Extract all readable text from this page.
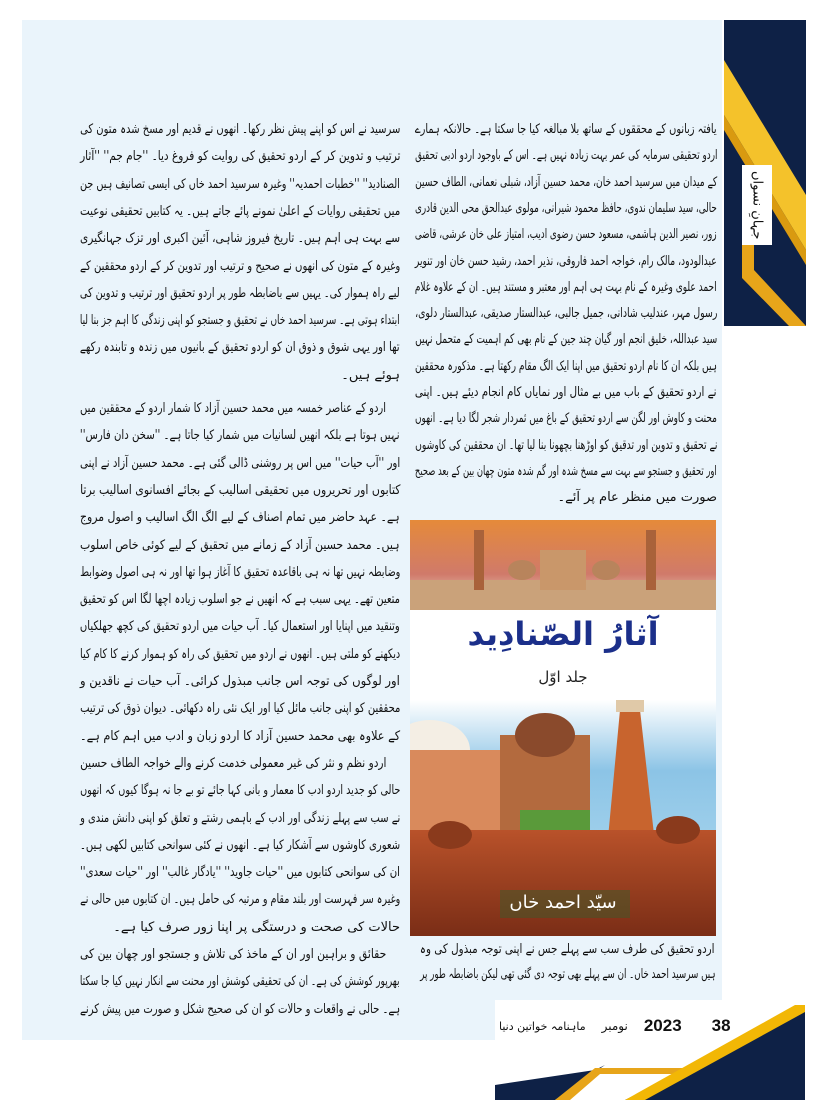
جہانِ نسواں
سرسید نے اس کو اپنے پیش نظر رکھا۔ انھوں نے قدیم اور مسخ شدہ متون کی
ترتیب و تدوین کر کے اردو تحقیق کی روایت کو فروغ دیا۔ ''جام جم'' ''آثار
الصنادید'' ''خطبات احمدیہ'' وغیرہ سرسید احمد خاں کی ایسی تصانیف ہیں جن
میں تحقیقی روایات کے اعلیٰ نمونے پائے جاتے ہیں۔ یہ کتابیں تحقیقی نوعیت
سے بہت ہی اہم ہیں۔ تاریخ فیروز شاہی، آئین اکبری اور تزک جہانگیری
وغیرہ کے متون کی انھوں نے صحیح و ترتیب اور تدوین کر کے اردو محققین کے
لیے راہ ہموار کی۔ یہیں سے باضابطہ طور پر اردو تحقیق اور ترتیب و تدوین کی
ابتداء ہوتی ہے۔ سرسید احمد خاں نے تحقیق و جستجو کو اپنی زندگی کا اہم جز بنا لیا
تھا اور یہی شوق و ذوق ان کو اردو تحقیق کے بانیوں میں زندہ و تابندہ رکھے
ہوئے ہیں۔
اردو کے عناصر خمسہ میں محمد حسین آزاد کا شمار اردو کے محققین میں
نہیں ہوتا ہے بلکہ انھیں لسانیات میں شمار کیا جاتا ہے۔ ''سخن دان فارس''
اور ''آب حیات'' میں اس پر روشنی ڈالی گئی ہے۔ محمد حسین آزاد نے اپنی
کتابوں اور تحریروں میں تحقیقی اسالیب کے بجائے افسانوی اسالیب برتا
ہے۔ عہد حاضر میں تمام اصناف کے لیے الگ الگ اسالیب و اصول مروج
ہیں۔ محمد حسین آزاد کے زمانے میں تحقیق کے لیے کوئی خاص اسلوب
وضابطہ نہیں تھا نہ ہی باقاعدہ تحقیق کا آغاز ہوا تھا اور نہ ہی اصول وضوابط
متعین تھے۔ یہی سبب ہے کہ انھیں نے جو اسلوب زیادہ اچھا لگا اس کو تحقیق
وتنقید میں اپنایا اور استعمال کیا۔ آب حیات میں اردو تحقیق کی کچھ جھلکیاں
دیکھنے کو ملتی ہیں۔ انھوں نے اردو میں تحقیق کی راہ کو ہموار کرنے کا کام کیا
اور لوگوں کی توجہ اس جانب مبذول کرائی۔ آب حیات نے ناقدین و
محققین کو اپنی جانب مائل کیا اور ایک نئی راہ دکھائی۔ دیوان ذوق کی ترتیب
کے علاوہ بھی محمد حسین آزاد کا اردو زبان و ادب میں اہم کام ہے۔
اردو نظم و نثر کی غیر معمولی خدمت کرنے والے خواجہ الطاف حسین
حالی کو جدید اردو ادب کا معمار و بانی کہا جائے تو بے جا نہ ہوگا کیوں کہ انھوں
نے سب سے پہلے زندگی اور ادب کے باہمی رشتے و تعلق کو اپنی دانش مندی و
شعوری کاوشوں سے آشکار کیا ہے۔ انھوں نے کئی سوانحی کتابیں لکھی ہیں۔
ان کی سوانحی کتابوں میں ''حیات جاوید'' ''یادگار غالب'' اور ''حیات سعدی''
وغیرہ سر فہرست اور بلند مقام و مرتبہ کی حامل ہیں۔ ان کتابوں میں حالی نے
حالات کی صحت و درستگی پر اپنا زور صرف کیا ہے۔
حقائق و براہین اور ان کے ماخذ کی تلاش و جستجو اور چھان بین کی
بھرپور کوشش کی ہے۔ ان کی تحقیقی کوشش اور محنت سے انکار نہیں کیا جا سکتا
ہے۔ حالی نے واقعات و حالات کو ان کی صحیح شکل و صورت میں پیش کرنے
یافتہ زبانوں کے محققوں کے ساتھ بلا مبالغہ کیا جا سکتا ہے۔ حالانکہ ہمارے
اردو تحقیقی سرمایہ کی عمر بہت زیادہ نہیں ہے۔ اس کے باوجود اردو ادبی تحقیق
کے میدان میں سرسید احمد خان، محمد حسین آزاد، شبلی نعمانی، الطاف حسین
حالی، سید سلیمان ندوی، حافظ محمود شیرانی، مولوی عبدالحق محی الدین قادری
زور، نصیر الدین ہاشمی، مسعود حسن رضوی ادیب، امتیاز علی خان عرشی، قاضی
عبدالودود، مالک رام، خواجہ احمد فاروقی، نذیر احمد، رشید حسن خان اور تنویر
احمد علوی وغیرہ کے نام بہت ہی اہم اور معتبر و مستند ہیں۔ ان کے علاوہ غلام
رسول مہر، عندلیب شادانی، جمیل جالبی، عبدالستار صدیقی، عبدالستار دلوی،
سید عبداللہ، خلیق انجم اور گیان چند جین کے نام بھی کم اہمیت کے متحمل نہیں
ہیں بلکہ ان کا نام اردو تحقیق میں اپنا ایک الگ مقام رکھتا ہے۔ مذکورہ محققین
نے اردو تحقیق کے باب میں بے مثال اور نمایاں کام انجام دیئے ہیں۔ اپنی
محنت و کاوش اور لگن سے اردو تحقیق کے باغ میں ثمردار شجر لگا دیا ہے۔ انھوں
نے تحقیق و تدوین اور تدقیق کو اوڑھنا بچھونا بنا لیا تھا۔ ان محققین کی کاوشوں
اور تحقیق و جستجو سے بہت سے مسخ شدہ اور گم شدہ متون چھان بین کے بعد صحیح
صورت میں منظر عام پر آئے۔
اردو تحقیق کی طرف سب سے پہلے جس نے اپنی توجہ مبذول کی وہ
ہیں سرسید احمد خاں۔ ان سے پہلے بھی توجہ دی گئی تھی لیکن باضابطہ طور پر
آثارُ الصّنادِید
جلد اوّل
سیّد احمد خاں
ماہنامہ خواتین دنیا نومبر 2023 38
